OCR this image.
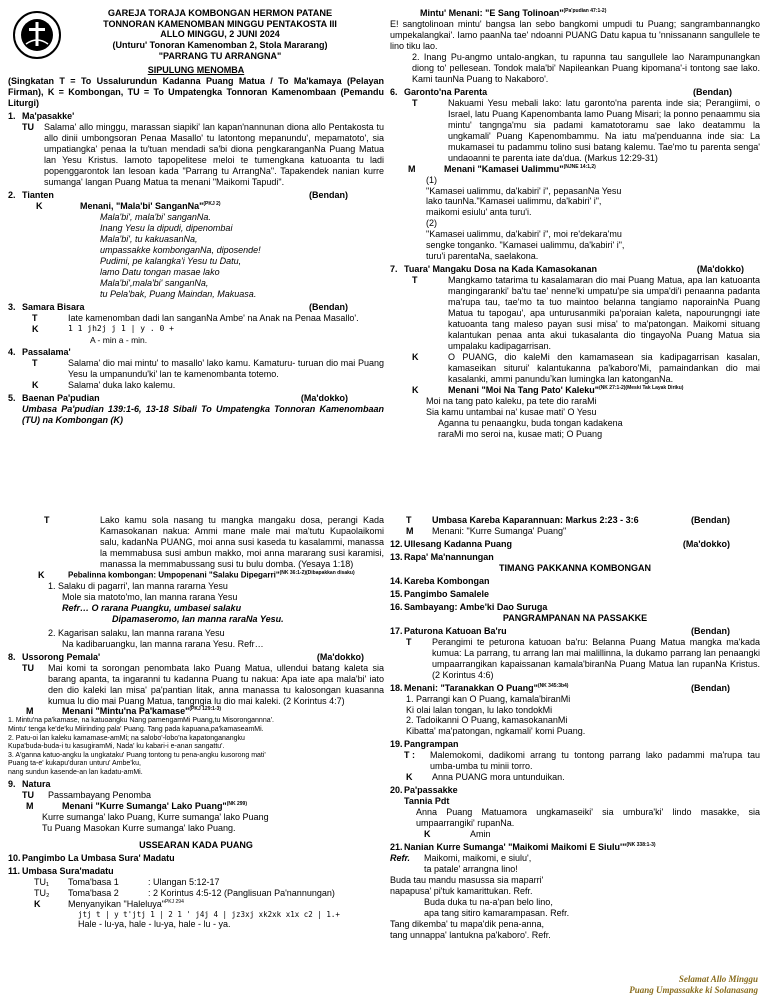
GAREJA TORAJA KOMBONGAN HERMON PATANE
TONNORAN KAMENOMBAN MINGGU PENTAKOSTA III
ALLO MINGGU, 2 JUNI 2024
(Unturu' Tonoran Kamenomban 2, Stola Mararang)
"PARRANG TU ARRANGNA"
SIPULUNG MENOMBA

(Singkatan T = To Ussalurundun Kadanna Puang Matua / To Ma'kamaya (Pelayan Firman), K = Kombongan, TU = To Umpatengka Tonnoran Kamenombaan (Pemandu Liturgi)

1. Ma'pasakke'
TU	Salama' allo minggu, marassan siapiki' lan kapan'nannunan diona allo Pentakosta tu allo dinii umbongsoran Penaa Masallo' tu latontong mepanundu', mepamatoto', sia umpatiangka' penaa la tu'tuan mendadi sa'bi diona pengkaranganNa Puang Matua lan Yesu Kristus. Iamoto tapopelitese meloi te tumengkana katuoanta tu ladi popenggarontok lan lesoan kada "Parrang tu ArrangNa". Tapakendek nanian kurre sumanga' langan Puang Matua ta menani "Maikomi Tapudi".
2. Tianten	(Bendan)
K	Menani, "Mala'bi' SanganNa"$^{(PKJ 2)}$
Mala'bi', mala'bi' sanganNa.
Inang Yesu la dipudi, dipenombai
Mala'bi', tu kakuasanNa,
umpassakke kombonganNa, diposende!
Pudimi, pe kalangka'i Yesu tu Datu,
lamo Datu tongan masae lako
Mala'bi',mala'bi' sanganNa,
tu Pela'bak, Puang Maindan, Makuasa.
3. Samara Bisara	(Bendan)
T	Iate kamenomban dadi lan sanganNa Ambe' na Anak na Penaa Masallo'.
K	1 1 jh2j j 1 | y . 0 +
A - min a - min.
4. Passalama'
T	Salama' dio mai mintu' to masallo' lako kamu. Kamaturu- turuan dio mai Puang Yesu la umpanundu'ki' lan te kamenombanta totemo.
K	Salama' duka lako kalemu.
5. Baenan Pa'pudian	(Ma'dokko)

Umbasa Pa'pudian 139:1-6, 13-18 Sibali To Umpatengka Tonnoran Kamenombaan (TU) na Kombongan (K)

Mintu' Menani: "E Sang Tolinoan"$^{(Pa'pudian 47:1-2)}$

E! sangtolinoan mintu' bangsa lan sebo bangkomi umpudi tu Puang; sangrambannangko umpekalangkai'. Iamo paanNa tae' ndoanni PUANG Datu kapua tu 'nnissanann sangullele te lino tiku lao.

2. Inang Pu-angmo untalo-angkan, tu rapunna tau sangullele lao Narampunangkan diong to' pellesean. Tondok mala'bi' Napileankan Puang kipomana'-i tontong sae lako. Kami taunNa Puang to Nakaboro'.

6. Garonto'na Parenta	(Bendan)
T	Nakuami Yesu mebali lako: latu garonto'na parenta inde sia; Perangiimi, o Israel, latu Puang Kapenombanta lamo Puang Misari; la ponno penaammu sia mintu' tangnga'mu sia padami kamatotoramu sae lako deatammu la ungkamali' Puang Kapenombammu. Na iatu ma'penduanna inde sia: La mukamasei tu padammu tolino susi batang kalemu. Tae'mo tu parenta senga' undaoanni te parenta iate da'dua. (Markus 12:29-31)
M	Menani "Kamasei Ualimmu"$^{(NJNE 14:1,2)}$
(1)
"Kamasei ualimmu, da'kabiri' i", pepasanNa Yesu
lako taunNa."Kamasei ualimmu, da'kabiri' i",
maikomi esiulu' anta turu'i.
(2)
"Kamasei ualimmu, da'kabiri' i", moi re'dekara'mu
sengke tonganko. "Kamasei ualimmu, da'kabiri' i",
turu'i parentaNa, saelakona.
7. Tuara' Mangaku Dosa na Kada Kamasokanan	(Ma'dokko)
T	Mangkamo tatarima tu kasalamaran dio mai Puang Matua, apa lan katuoanta mangingaranki' ba'tu tae' nenne'ki umpatu'pe sia umpa'di'i penaanna padanta ma'rupa tau, tae'mo ta tuo maintoo belanna tangiamo naporainNa Puang Matua tu tapogau', apa unturusanmiki pa'poraian kaleta, napourungngi iate katuoanta tang maleso payan susi misa' to ma'patongan. Maikomi situang kalantukan penaa anta akui tukasalanta dio tingayoNa Puang Matua sia umpalaku kadipagarrisan.
K	O PUANG, dio kaleMi den kamamasean sia kadipagarrisan kasalan, kamaseikan siturui' kalantukanna pa'kaboro'Mi, pamaindankan dio mai kasalanki, ammi panunduʼkan lumingka lan katonganNa.
K	Menani "Moi Na Tang Pato' Kaleku"$^{(NK 27:1-2)(Meski Tak Layak Diriku)}$
Moi na tang pato kaleku, pa tete dio raraMi
Sia kamu untambai na' kusae mati' O Yesu
Aganna tu penaangku, buda tongan kadakena
raraMi mo seroi na, kusae mati; O Puang
T	Lako kamu sola nasang tu mangka mangaku dosa, perangi Kada Kamasokanan nakua: Ammi mane male mai ma'tutu Kupaolaikomi salu, kadanNa PUANG, moi anna susi kaseda tu kasalammi, manassa la memmabusa susi ambun makko, moi anna mararang susi karamisi, manassa la memmabussang susi tu bulu domba. (Yesaya 1:18)
K	Pebalinna kombongan: Umpopenani "Salaku Dipegarri"$^{(NK 36:1-2)(Dibapakkan disaku)}$
1. Salaku di pagarri', lan manna rararna Yesu
Mole sia matoto'mo, lan manna rarana Yesu
Refr… O rarana Puangku, umbasei salaku
Dipamaseromo, lan manna raraNa Yesu.
2. Kagarisan salaku, lan manna rarana Yesu
Na kadibaruangku, lan manna rarana Yesu. Refr…
8. Ussorong Pemala'	(Ma'dokko)
TU	Mai komi ta sorongan penombata lako Puang Matua, ullendui batang kaleta sia barang apanta, ta ingaranni tu kadanna Puang tu nakua: Apa iate apa mala'bi' iato den dio kaleki lan misa' pa'pantian litak, anna manassa tu kalosongan kuasanna kumua lu dio mai Puang Matua, tangngia lu dio mai kaleki. (2 Korintus 4:7)
M	Menani "Mintu'na Pa'kamase"$^{(PKJ 129:1-3)}$
1. Mintu'na pa'kamase, na katuoangku Nang pamengamMi Puang,tu Misorongannna'.
Mintu' tenga ke'de'ku Miirinding pala' Puang. Tang pada kapuana,pa'kamaseamMi.
2. Patu-oi lan kaleku kamamase-amMi; na salobo'-lobo'na kapatonganangku
Kupa'buda-buda-i tu kasugiramMi, Nada' ku kabari-i e-anan sangattu'.
3. A'ganna katuo-angku la ungkataku' Puang tontong tu pena-angku kusorong mati'
Puang ta-e' kukapu'duran unturu' Ambe'ku,
nang sundun kasende-an lan kadatu-amMi.
9. Natura
TU	Passambayang Penomba
M	Menani "Kurre Sumanga' Lako Puang"$^{(NK 299)}$
Kurre sumanga' lako Puang, Kurre sumanga' lako Puang
Tu Puang Masokan Kurre sumanga' lako Puang.
USSEARAN KADA PUANG
10.Pangimbo La Umbasa Sura' Madatu
11. Umbasa Sura'madatu
TU₁	Toma'basa 1	: Ulangan 5:12-17
TU₂	Toma'basa 2	: 2 Korintus 4:5-12 (Panglisuan Pa'nannungan)
K	Menyanyikan "Haleluya"$^{PKJ 294}$
jtj t | y t'jtj 1 | 2 1 ' j4j 4 | jz3xj xk2xk x1x c2 | 1.+
Hale - lu-ya, hale - lu-ya, hale - lu - ya.
T	Umbasa Kareba Kaparannuan: Markus 2:23 - 3:6	(Bendan)
M	Menani: "Kurre Sumanga' Puang"
12.Ullesang Kadanna Puang	(Ma'dokko)
13.Rapa' Ma'nannungan
TIMANG PAKKANNA KOMBONGAN
14.Kareba Kombongan
15.Pangimbo Samalele
16.Sambayang: Ambe'ki Dao Suruga
PANGRAMPANAN NA PASSAKKE
17.Paturona Katuoan Ba'ru	(Bendan)
T	Perangimi te peturona katuoan ba'ru: Belanna Puang Matua mangka ma'kada kumua: La parrang, tu arrang lan mai malillinna, la dukamo parrang lan penaangki umpaarrangikan kapaissanan kamala'biranNa Puang Matua lan rupanNa Kristus. (2 Korintus 4:6)
18.Menani: "Taranakkan O Puang"$^{(NK 345:3b4)}$	(Bendan)
1. Parrangi kan O Puang, kamala'biranMi
Ki olai lalan tongan, lu lako tondokMi
2. Tadoikanni O Puang, kamasokananMi
Kibatta' ma'patongan, ngkamali' komi Puang.
19.Pangrampan
T :	Malemokomi, dadikomi arrang tu tontong parrang lako padammi ma'rupa tau umba-umba tu minii torro.
K	Anna PUANG mora untunduikan.
20.Pa'passakke
Tannia Pdt

Anna Puang Matuamora ungkamaseiki' sia umbura'ki' lindo masakke, sia umpaarrangiki' rupanNa.

K	Amin
21.Nanian Kurre Sumanga' "Maikomi Maikomi E Siulu'"$^{(NK 338:1-3)}$
Refr.	Maikomi, maikomi, e siulu',
ta patale' arrangna lino!
Buda tau mandu masussa sia maparri'
napapusa' pi'tuk kamarittukan. Refr.
Buda duka tu na-a'pan belo lino,
apa tang sitiro kamarampasan. Refr.
Tang dikemba' tu mapa'dik pena-anna,
tang unnappa' lantukna pa'kaboro'. Refr.
Selamat Allo Minggu
Puang Umpassakke ki Solanasang
